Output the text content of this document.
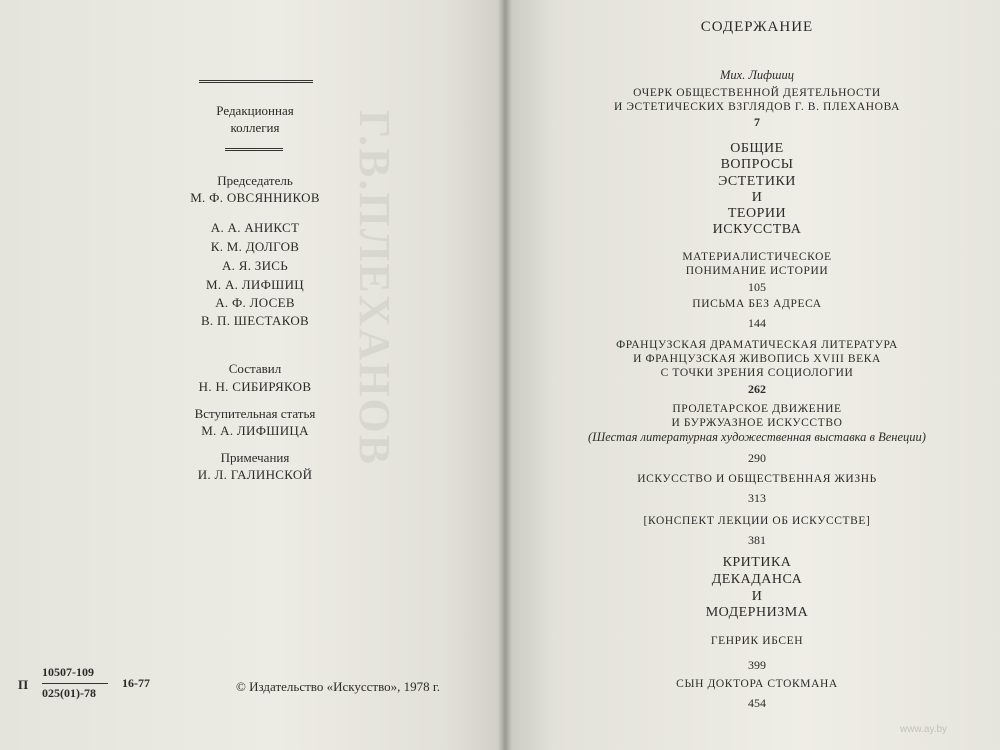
Г.В.ПЛЕХАНОВ
Редакционная
коллегия
Председатель
М. Ф. ОВСЯННИКОВ
А. А. АНИКСТ
К. М. ДОЛГОВ
А. Я. ЗИСЬ
М. А. ЛИФШИЦ
А. Ф. ЛОСЕВ
В. П. ШЕСТАКОВ
Составил
Н. Н. СИБИРЯКОВ
Вступительная статья
М. А. ЛИФШИЦА
Примечания
И. Л. ГАЛИНСКОЙ
П
10507-109
025(01)-78
16-77	© Издательство «Искусство», 1978 г.
СОДЕРЖАНИЕ
Мих. Лифшиц
ОЧЕРК ОБЩЕСТВЕННОЙ ДЕЯТЕЛЬНОСТИ
И ЭСТЕТИЧЕСКИХ ВЗГЛЯДОВ Г. В. ПЛЕХАНОВА
7
ОБЩИЕ
ВОПРОСЫ
ЭСТЕТИКИ
И
ТЕОРИИ
ИСКУССТВА
МАТЕРИАЛИСТИЧЕСКОЕ
ПОНИМАНИЕ ИСТОРИИ
105
ПИСЬМА БЕЗ АДРЕСА
144
ФРАНЦУЗСКАЯ ДРАМАТИЧЕСКАЯ ЛИТЕРАТУРА
И ФРАНЦУЗСКАЯ ЖИВОПИСЬ XVIII ВЕКА
С ТОЧКИ ЗРЕНИЯ СОЦИОЛОГИИ
262
ПРОЛЕТАРСКОЕ ДВИЖЕНИЕ
И БУРЖУАЗНОЕ ИСКУССТВО
(Шестая литературная художественная выставка в Венеции)
290
ИСКУССТВО И ОБЩЕСТВЕННАЯ ЖИЗНЬ
313
[КОНСПЕКТ ЛЕКЦИИ ОБ ИСКУССТВЕ]
381
КРИТИКА
ДЕКАДАНСА
И
МОДЕРНИЗМА
ГЕНРИК ИБСЕН
399
СЫН ДОКТОРА СТОКМАНА
454
www.ay.by
